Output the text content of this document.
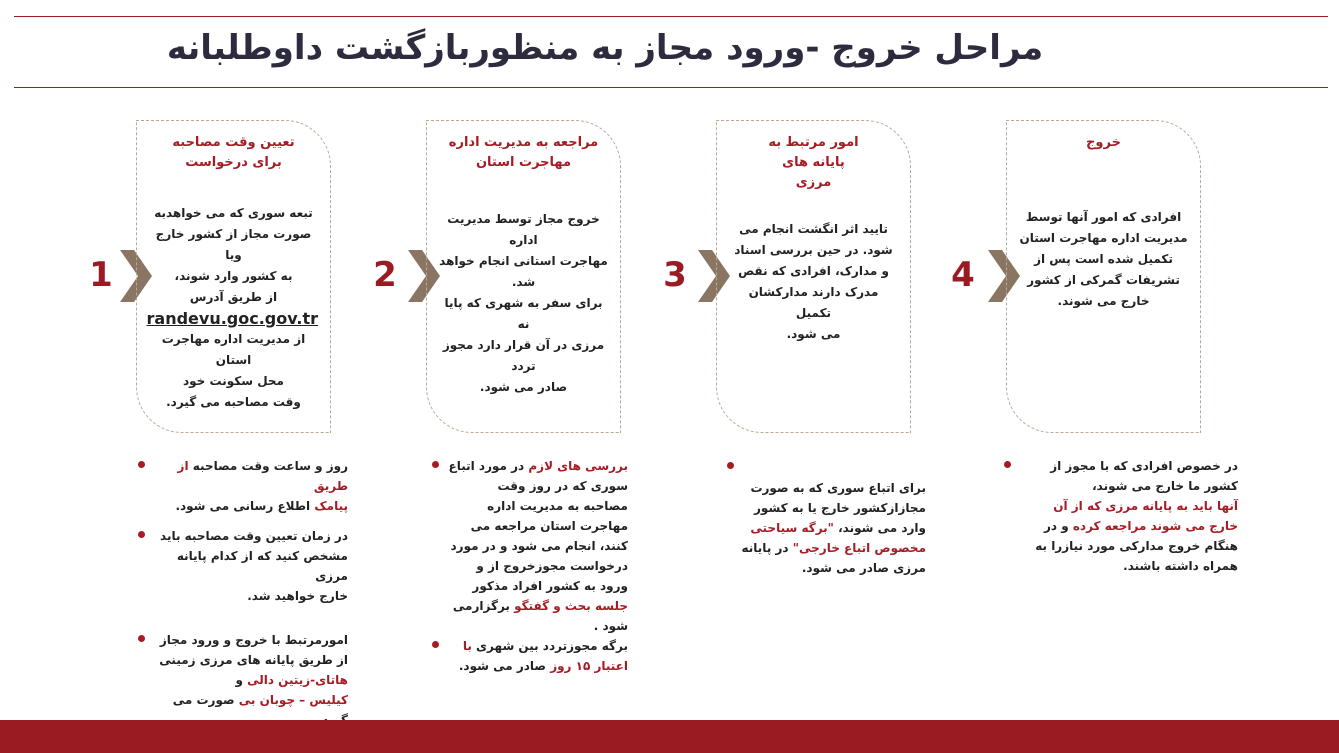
مراحل خروج -ورود مجاز به منظوربازگشت داوطلبانه
1
تعیین وقت مصاحبه
برای درخواست
تبعه سوری که می خواهدبه
صورت مجاز از کشور خارج ویا
به کشور وارد شوند،
از طریق آدرس
randevu.goc.gov.tr
از مدیریت اداره مهاجرت استان
محل سکونت خود
وقت مصاحبه می گیرد.
2
مراجعه به مدیریت اداره
مهاجرت استان
خروج مجاز توسط مدیریت اداره
مهاجرت استانی انجام خواهد شد.
برای سفر به شهری که پایا نه
مرزی در آن قرار دارد مجوز تردد
صادر می شود.
3
امور مرتبط به
پایانه های
مرزی
تایید اثر انگشت انجام می
شود. در حین بررسی اسناد
و مدارک، افرادی که نقص
مدرک دارند مدارکشان تکمیل
می شود.
4
خروج
افرادی که امور آنها توسط
مدیریت اداره مهاجرت استان
تکمیل شده است پس از
تشریفات گمرکی از کشور
خارج می شوند.
روز و ساعت وقت مصاحبه از طریق
پیامک اطلاع رسانی می شود.
در زمان تعیین وقت مصاحبه باید
مشخص کنید که از کدام پایانه مرزی
خارج خواهید شد.
امورمرتبط با خروج و ورود مجاز
از طریق پایانه های مرزی زمینی
هاتای-زیتین دالی و
کیلیس – چوبان بی صورت می
بررسی های لازم در مورد اتباع
سوری که در روز وقت
مصاحبه به مدیریت اداره
مهاجرت استان مراجعه می
کنند، انجام می شود و در مورد
درخواست مجوزخروج از و
ورود به کشور افراد مذکور
جلسه بحث و گفتگو برگزارمی
شود .
برگه مجوزتردد بین شهری با
اعتبار ۱۵ روز صادر می شود.
برای اتباع سوری که به صورت
مجازازکشور خارج یا به کشور
وارد می شوند، "برگه سیاحتی
مخصوص اتباع خارجی" در پایانه
مرزی صادر می شود.
در خصوص افرادی که با مجوز از
کشور ما خارج می شوند،
آنها باید به پایانه مرزی که از آن
خارج می شوند مراجعه کرده و در
هنگام خروج مدارکی مورد نیازرا به
همراه داشته باشند.
